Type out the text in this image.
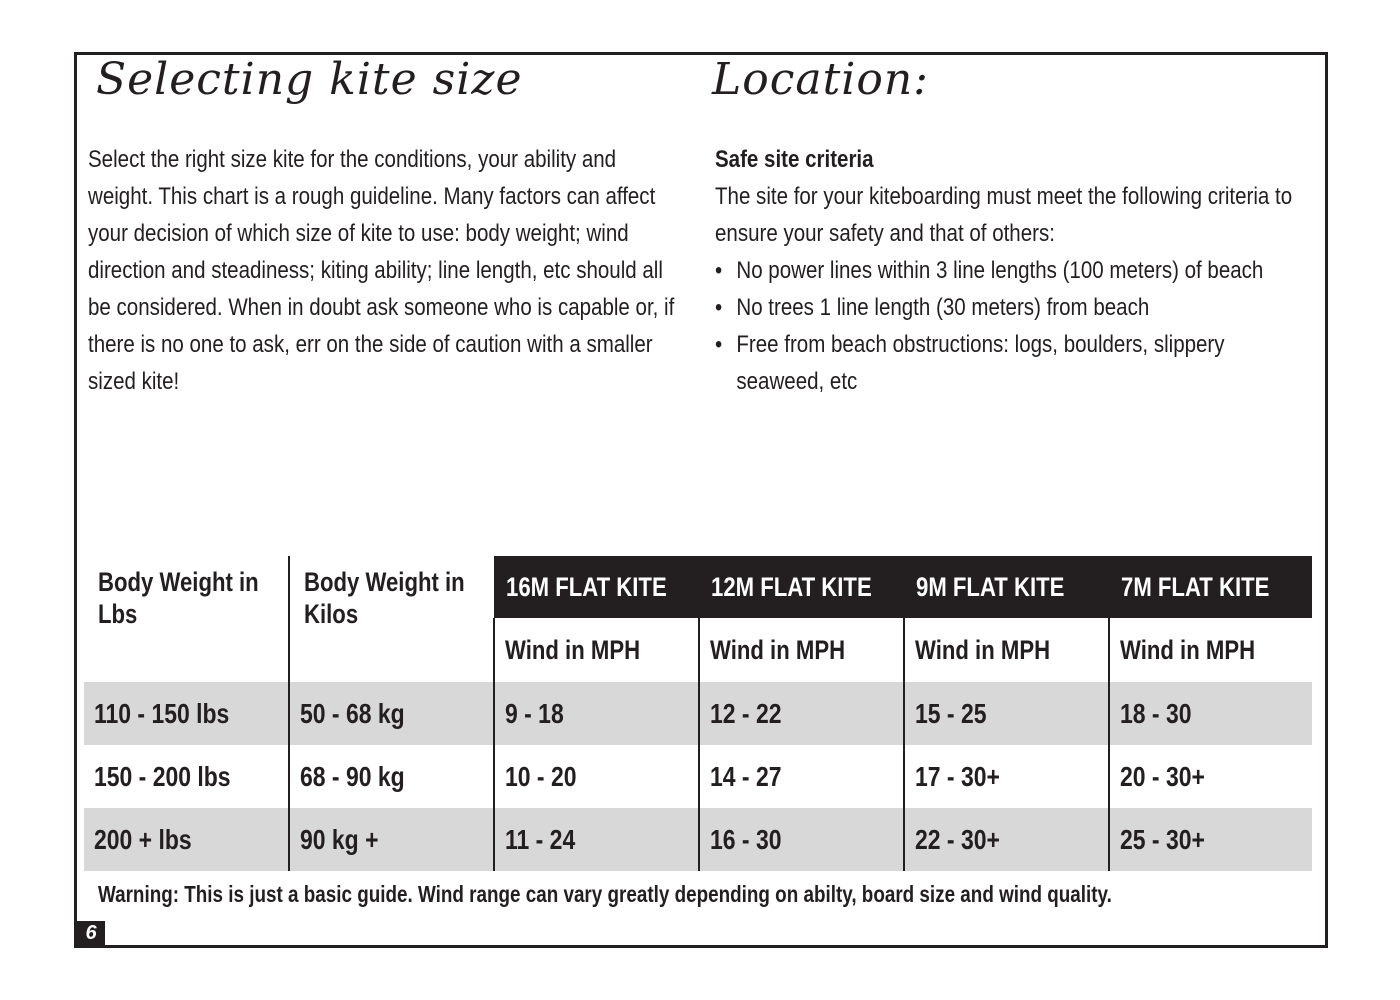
Selecting kite size	Location:
Select the right size kite for the conditions, your ability and weight. This chart is a rough guideline. Many factors can affect your decision of which size of kite to use: body weight; wind direction and steadiness; kiting ability; line length, etc should all be considered. When in doubt ask someone who is capable or, if there is no one to ask, err on the side of caution with a smaller sized kite!
Safe site criteria
The site for your kiteboarding must meet the following criteria to ensure your safety and that of others:
• No power lines within 3 line lengths (100 meters) of beach
• No trees 1 line length (30 meters) from beach
• Free from beach obstructions: logs, boulders, slippery seaweed, etc
Body Weight in Lbs	Body Weight in Kilos	16M FLAT KITE	12M FLAT KITE	9M FLAT KITE	7M FLAT KITE
		Wind in MPH	Wind in MPH	Wind in MPH	Wind in MPH
110 - 150 lbs	50 - 68 kg	9 - 18	12 - 22	15 - 25	18 - 30
150 - 200 lbs	68 - 90 kg	10 - 20	14 - 27	17 - 30+	20 - 30+
200 + lbs	90 kg +	11 - 24	16 - 30	22 - 30+	25 - 30+
Warning: This is just a basic guide. Wind range can vary greatly depending on abilty, board size and wind quality.
6
